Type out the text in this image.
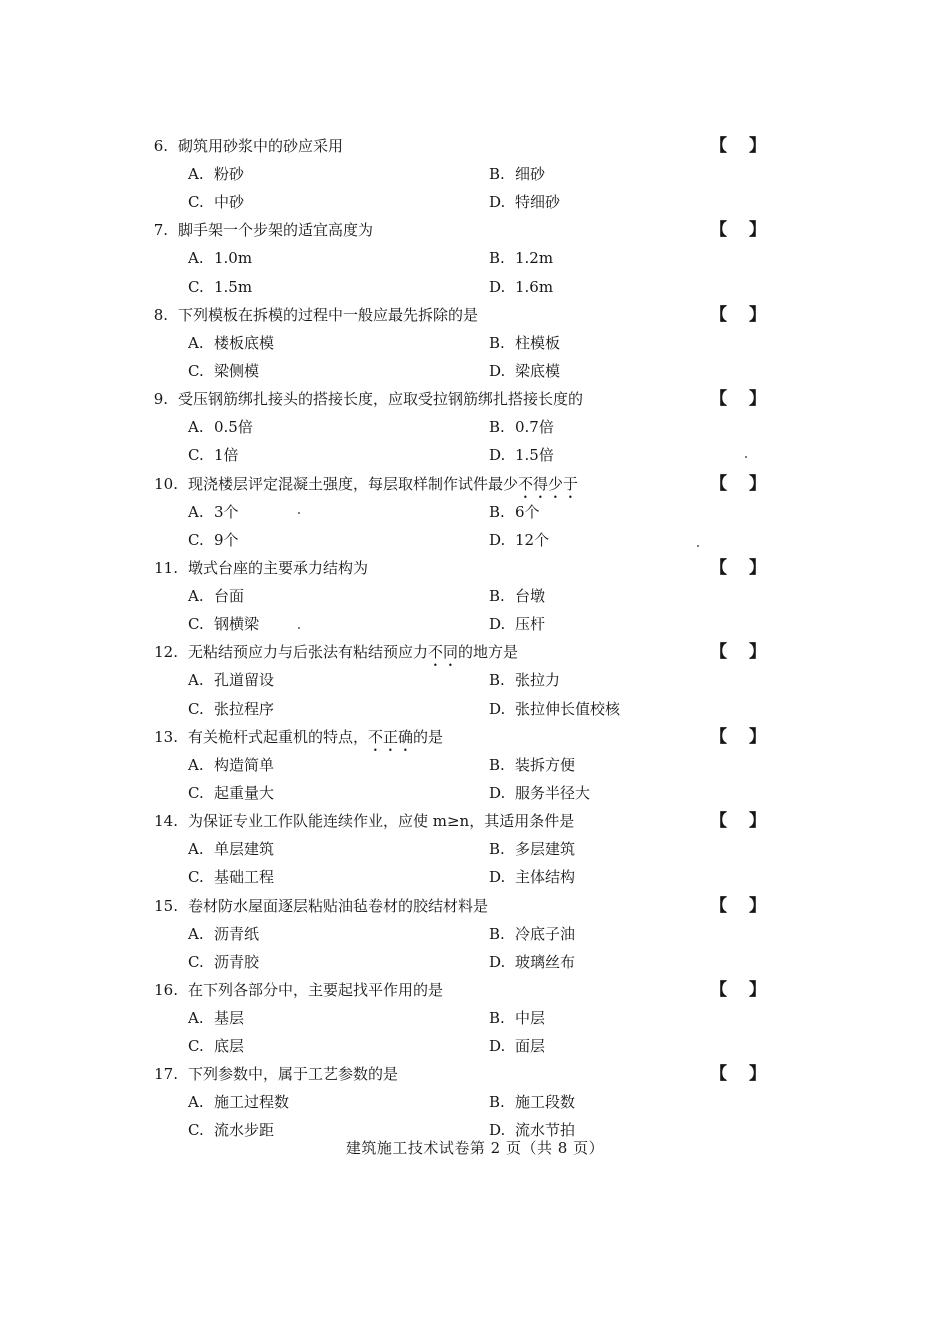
6. 砌筑用砂浆中的砂应采用	【 】
A. 粉砂	B. 细砂
C. 中砂	D. 特细砂
7. 脚手架一个步架的适宜高度为	【 】
A. 1.0m	B. 1.2m
C. 1.5m	D. 1.6m
8. 下列模板在拆模的过程中一般应最先拆除的是	【 】
A. 楼板底模	B. 柱模板
C. 梁侧模	D. 梁底模
9. 受压钢筋绑扎接头的搭接长度，应取受拉钢筋绑扎搭接长度的	【 】
A. 0.5倍	B. 0.7倍
C. 1倍	D. 1.5倍
10. 现浇楼层评定混凝土强度，每层取样制作试件最少不得少于	【 】
A. 3个	B. 6个
C. 9个	D. 12个
11. 墩式台座的主要承力结构为	【 】
A. 台面	B. 台墩
C. 钢横梁	D. 压杆
12. 无粘结预应力与后张法有粘结预应力不同的地方是	【 】
A. 孔道留设	B. 张拉力
C. 张拉程序	D. 张拉伸长值校核
13. 有关桅杆式起重机的特点，不正确的是	【 】
A. 构造简单	B. 装拆方便
C. 起重量大	D. 服务半径大
14. 为保证专业工作队能连续作业，应使 m≥n，其适用条件是	【 】
A. 单层建筑	B. 多层建筑
C. 基础工程	D. 主体结构
15. 卷材防水屋面逐层粘贴油毡卷材的胶结材料是	【 】
A. 沥青纸	B. 冷底子油
C. 沥青胶	D. 玻璃丝布
16. 在下列各部分中，主要起找平作用的是	【 】
A. 基层	B. 中层
C. 底层	D. 面层
17. 下列参数中，属于工艺参数的是	【 】
A. 施工过程数	B. 施工段数
C. 流水步距	D. 流水节拍
建筑施工技术试卷第 2 页（共 8 页）
